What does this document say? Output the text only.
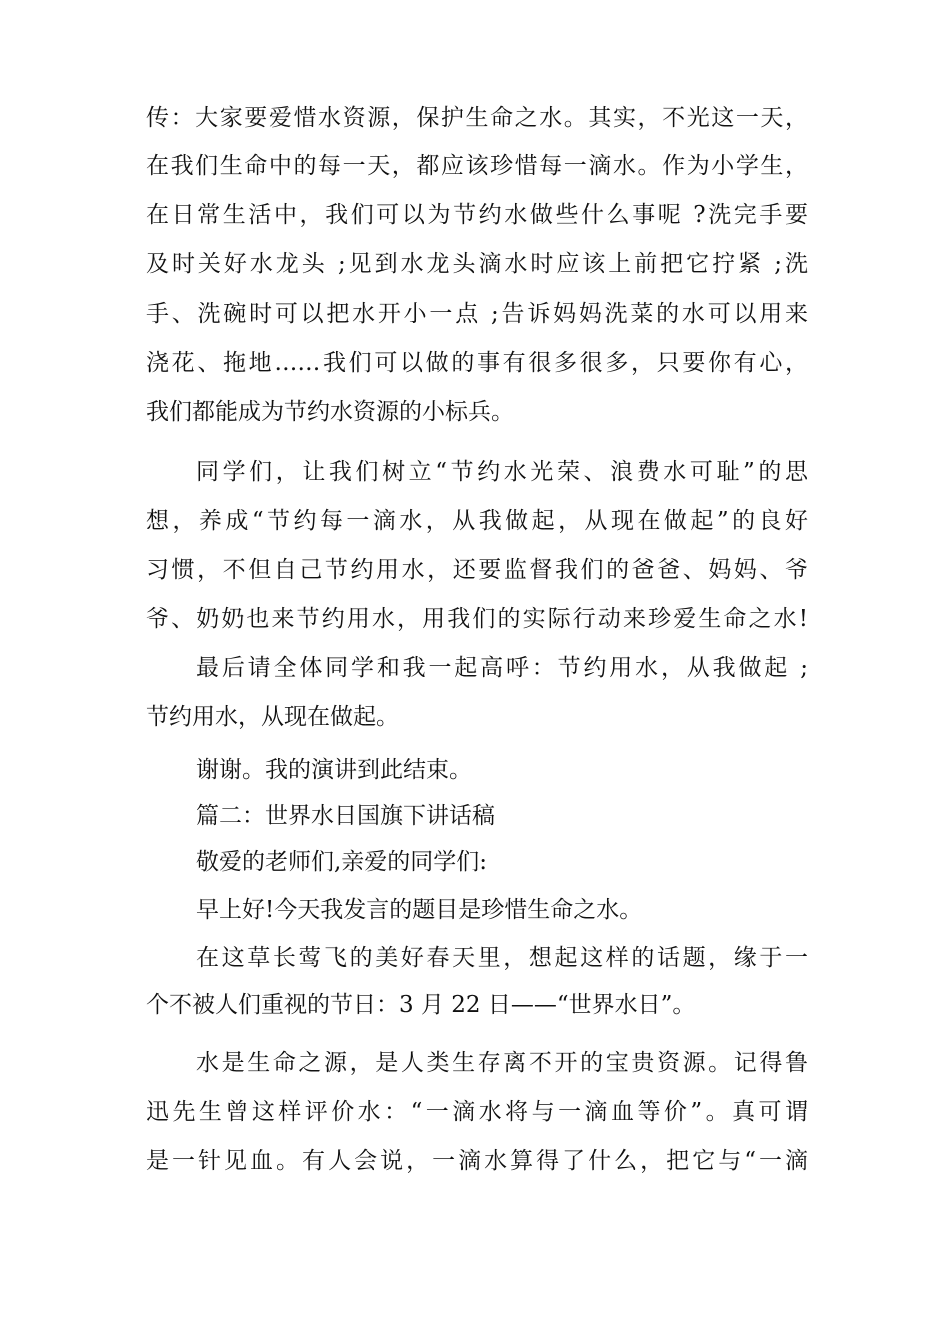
传：大家要爱惜水资源，保护生命之水。其实，不光这一天，
在我们生命中的每一天，都应该珍惜每一滴水。作为小学生，
在日常生活中，我们可以为节约水做些什么事呢 ?洗完手要
及时关好水龙头 ;见到水龙头滴水时应该上前把它拧紧 ;洗
手、洗碗时可以把水开小一点 ;告诉妈妈洗菜的水可以用来
浇花、拖地……我们可以做的事有很多很多，只要你有心，
我们都能成为节约水资源的小标兵。
同学们，让我们树立“节约水光荣、浪费水可耻”的思
想，养成“节约每一滴水，从我做起，从现在做起”的良好
习惯，不但自己节约用水，还要监督我们的爸爸、妈妈、爷
爷、奶奶也来节约用水，用我们的实际行动来珍爱生命之水!
最后请全体同学和我一起高呼：节约用水，从我做起 ;
节约用水，从现在做起。
谢谢。我的演讲到此结束。
篇二：世界水日国旗下讲话稿
敬爱的老师们,亲爱的同学们:
早上好!今天我发言的题目是珍惜生命之水。
在这草长莺飞的美好春天里，想起这样的话题，缘于一
个不被人们重视的节日：3 月 22 日——“世界水日”。
水是生命之源，是人类生存离不开的宝贵资源。记得鲁
迅先生曾这样评价水：“一滴水将与一滴血等价”。真可谓
是一针见血。有人会说，一滴水算得了什么，把它与“一滴
